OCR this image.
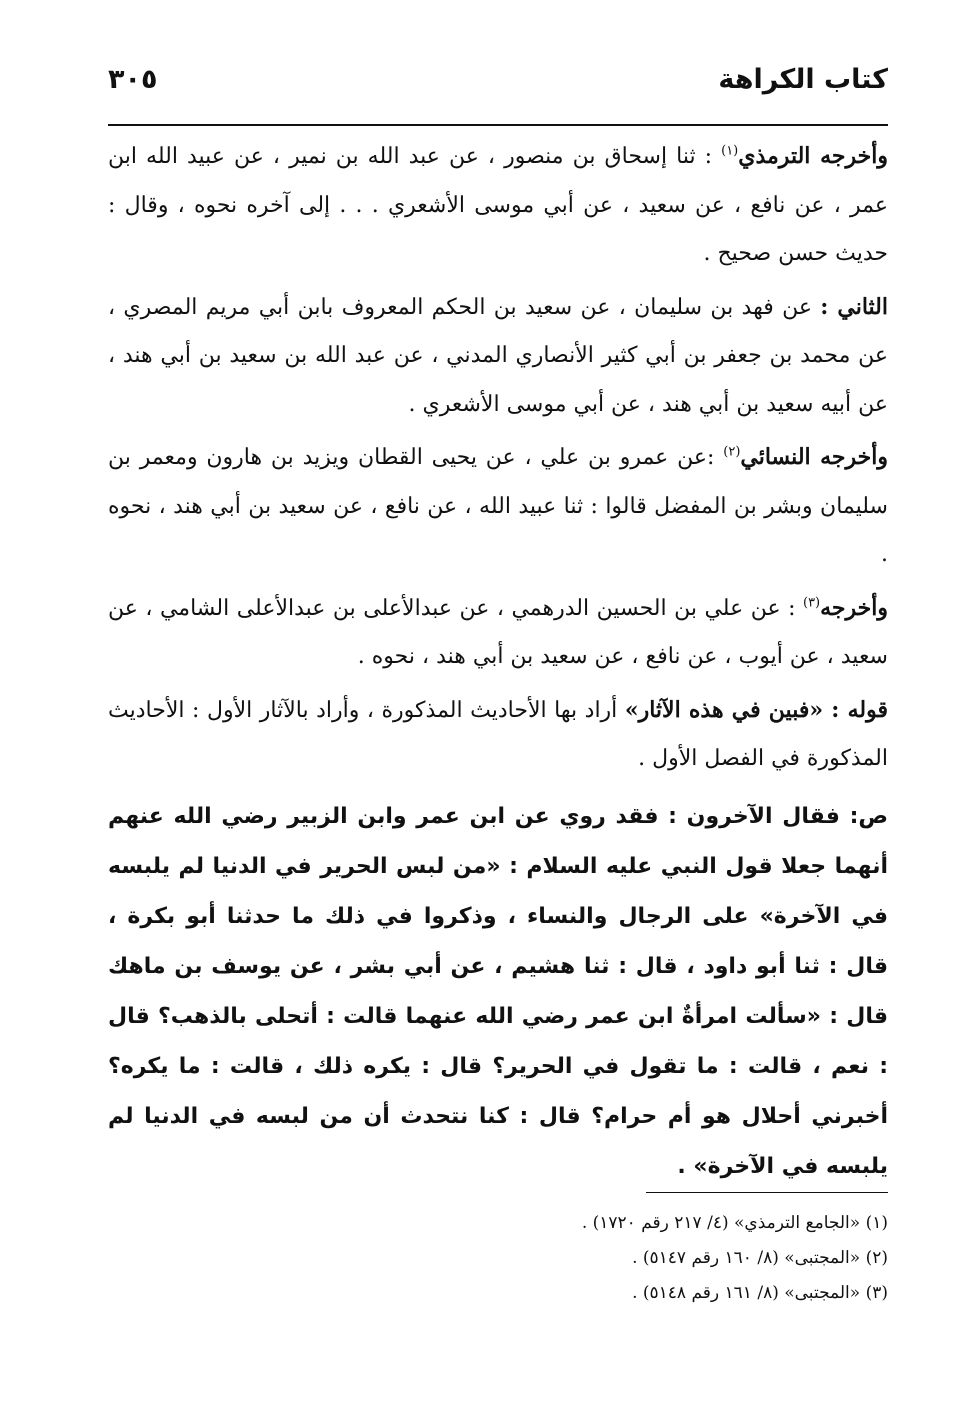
كتاب الكراهة
٣٠٥

وأخرجه الترمذي$^{(١)}$ : ثنا إسحاق بن منصور ، عن عبد الله بن نمير ، عن عبيد الله ابن عمر ، عن نافع ، عن سعيد ، عن أبي موسى الأشعري . . . إلى آخره نحوه ، وقال : حديث حسن صحيح .

الثاني : عن فهد بن سليمان ، عن سعيد بن الحكم المعروف بابن أبي مريم المصري ، عن محمد بن جعفر بن أبي كثير الأنصاري المدني ، عن عبد الله بن سعيد بن أبي هند ، عن أبيه سعيد بن أبي هند ، عن أبي موسى الأشعري .

وأخرجه النسائي$^{(٢)}$ :عن عمرو بن علي ، عن يحيى القطان ويزيد بن هارون ومعمر بن سليمان وبشر بن المفضل قالوا : ثنا عبيد الله ، عن نافع ، عن سعيد بن أبي هند ، نحوه .

وأخرجه$^{(٣)}$ : عن علي بن الحسين الدرهمي ، عن عبدالأعلى بن عبدالأعلى الشامي ، عن سعيد ، عن أيوب ، عن نافع ، عن سعيد بن أبي هند ، نحوه .

قوله : «فبين في هذه الآثار» أراد بها الأحاديث المذكورة ، وأراد بالآثار الأول : الأحاديث المذكورة في الفصل الأول .

ص: فقال الآخرون : فقد روي عن ابن عمر وابن الزبير رضي الله عنهم أنهما جعلا قول النبي عليه السلام : «من لبس الحرير في الدنيا لم يلبسه في الآخرة» على الرجال والنساء ، وذكروا في ذلك ما حدثنا أبو بكرة ، قال : ثنا أبو داود ، قال : ثنا هشيم ، عن أبي بشر ، عن يوسف بن ماهك قال : «سألت امرأةٌ ابن عمر رضي الله عنهما قالت : أتحلى بالذهب؟ قال : نعم ، قالت : ما تقول في الحرير؟ قال : يكره ذلك ، قالت : ما يكره؟ أخبرني أحلال هو أم حرام؟ قال : كنا نتحدث أن من لبسه في الدنيا لم يلبسه في الآخرة» .

(١) «الجامع الترمذي» (٤/ ٢١٧ رقم ١٧٢٠) .

(٢) «المجتبى» (٨/ ١٦٠ رقم ٥١٤٧) .

(٣) «المجتبى» (٨/ ١٦١ رقم ٥١٤٨) .
